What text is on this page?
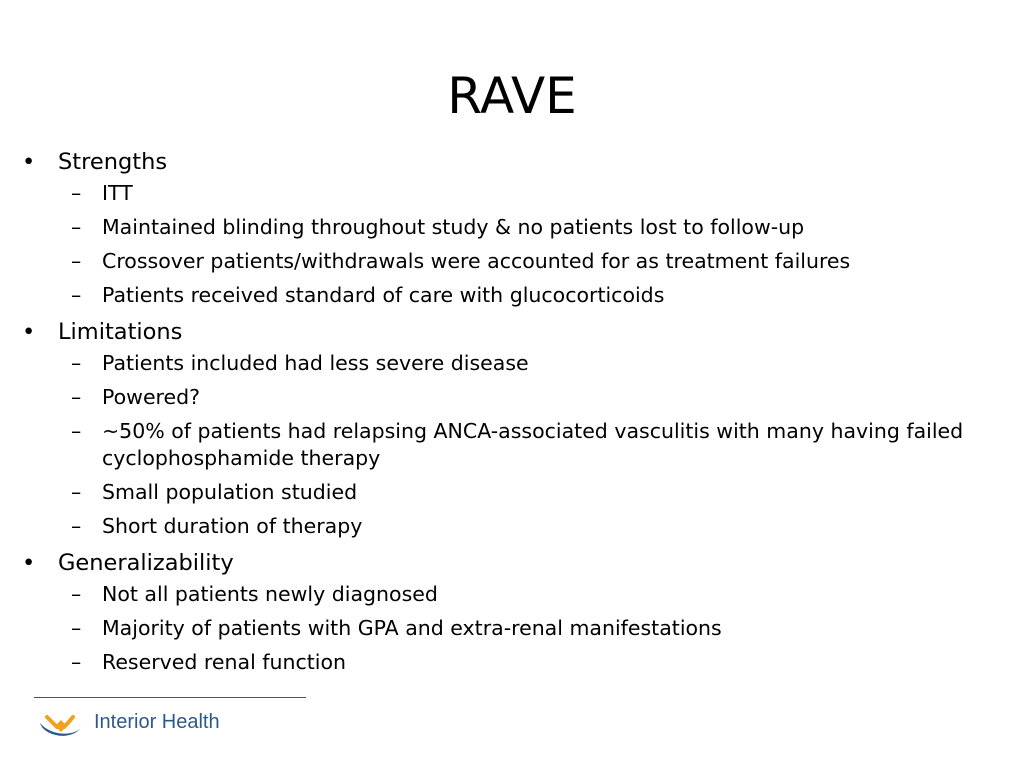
RAVE
• Strengths
– ITT
– Maintained blinding throughout study & no patients lost to follow-up
– Crossover patients/withdrawals were accounted for as treatment failures
– Patients received standard of care with glucocorticoids
• Limitations
– Patients included had less severe disease
– Powered?
– ~50% of patients had relapsing ANCA-associated vasculitis with many having failed cyclophosphamide therapy
– Small population studied
– Short duration of therapy
• Generalizability
– Not all patients newly diagnosed
– Majority of patients with GPA and extra-renal manifestations
– Reserved renal function
Interior Health
